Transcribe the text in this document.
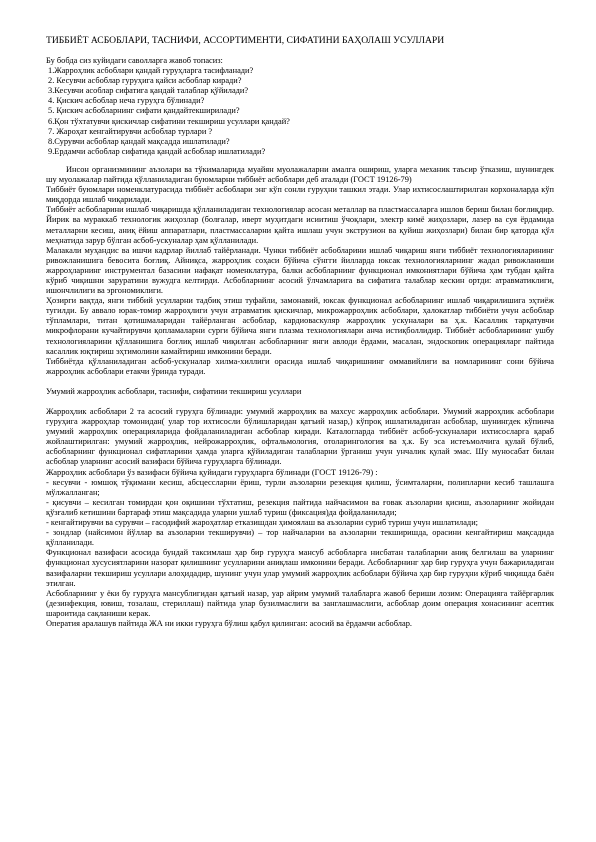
ТИББИЁТ АСБОБЛАРИ, ТАСНИФИ, АССОРТИМЕНТИ, СИФАТИНИ БАҲОЛАШ УСУЛЛАРИ

Бу бобда сиз куйидаги саволларга жавоб топасиз:

1.Жарроҳлик асбоблари қандай гуруҳларга тасифланади?
2. Кесувчи асбоблар гуруҳига қайси асбоблар киради?
3.Кесувчи асоблар сифатига қандай талаблар қўйилади?
4. Қискич асбоблар неча гуруҳга бўлинади?
5. Қискич асбобларнинг сифати қандайтекширилади?
6.Қон тўхтатувчи қискичлар сифатини текшириш усуллари қандай?
7. Жароҳат кенгайтирувчи асбоблар турлари ?
8.Сурувчи асбоблар қандай мақсадда ишлатилади?
9.Ердамчи асбоблар сифатида қандай асбоблар ишлатилади?

Инсон организмининг аъзолари ва тўкималарида муайян муолажаларни амалга ошириш, уларга механик таъсир ўтказиш, шунингдек шу муолажалар пайтида қўлланиладиган буюмларни тиббиёт асбоблари деб аталади (ГОСТ 19126-79)

Тиббиёт буюмлари номенклатурасида тиббиёт асбоблари энг кўп сонли гуруҳни ташкил этади. Улар ихтисослаштирилган корхоналарда кўп миқдорда ишлаб чиқарилади.

Тиббиёт асбобларини ишлаб чиқаришда қўлланиладиган технологиялар асосан металлар ва пластмассаларга ишлов бериш билан боғлиқдир. Йирик ва мураккаб технологик жиҳозлар (болғалар, иверт муҳитдаги исиитиш ўчоқлари, электр кимё жиҳозлари, лазер ва суя ёрдамида металларни кесиш, аниқ ёйиш аппаратлари, пластмассаларни қайта ишлаш учун экструзион ва қуйиш жиҳозлари) билан бир қаторда қўл меҳнатида зарур бўлган асбоб-ускуналар ҳам қўлланилади.

Малакали муҳандис ва ишчи кадрлар йиллаб тайёрланади. Чунки тиббиёт асбобларини ишлаб чиқариш янги тиббиёт технологияларининг ривожланишига бевосита боғлиқ. Айниқса, жарроҳлик соҳаси бўйича сўнгги йилларда юксак технологияларнинг жадал ривожланиши жарроҳларнинг инструментал базасини нафақат номенклатура, балки асбобларнинг функционал имкониятлари бўйича ҳам тубдан қайта кўриб чиқишни заруратини вужудга келтирди. Асбобларнинг асосий ўлчамларига ва сифатига талаблар кескин ортди: атравматиклиги, ишончлилиги ва эргономиклиги.

Ҳозирги вақтда, янги тиббий усулларни тадбиқ этиш туфайли, замонавий, юксак функционал асбобларнинг ишлаб чиқарилишига эҳтиёж тугилди. Бу аввало юрак-томир жарроҳлиги учун атравматик қискичлар, микрожарроҳлик асбоблари, ҳалокатлар тиббиёти учун асбоблар тўпламлари, титан қотишмаларидан тайёрланган асбоблар, кардиоваскуляр жарроҳлик ускуналари ва ҳ.к. Касаллик тарқатувчи микрофлорани кучайтирувчи қопламаларни сурги бўйича янги плазма технологиялари анча истиқболлидир. Тиббиёт асбобларининг ушбу технологияларини қўлланишига боғлиқ ишлаб чиқилган асбобларнинг янги авлоди ёрдами, масалан, эндоскопик операцияларг пайтида касаллик юқтириш эҳтимолини камайтириш имконини беради.

Тиббиётда қўлланиладиган асбоб-ускуналар хилма-хиллиги орасида ишлаб чиқаришнинг оммавийлиги ва номларининг сони бўйича жарроҳлик асбоблари етакчи ўринда туради.

Умумий жарроҳлик асбоблари, таснифи, сифатини текшириш усуллари

Жарроҳлик асбоблари 2 та асосий гуруҳга бўлинади: умумий жарроҳлик ва махсус жарроҳлик асбоблари. Умумий жарроҳлик асбоблари гуруҳига жарроҳлар томонидан( улар тор ихтисосли бўлишларидан қатъий назар,) кўпроқ ишлатиладиган асбоблар, шунингдек кўпинча умумий жарроҳлик операцияларида фойдаланиладиган асбоблар киради. Каталогларда тиббиёт асбоб-ускуналари ихтисосларга қараб жойлаштирилган: умумий жарроҳлик, нейрожарроҳлик, офтальмология, отоларингология ва ҳ.к. Бу эса истеъмолчига қулай бўлиб, асбобларнинг функционал сифатларини ҳамда уларга қўйиладиган талабларни ўрганиш учун унчалик қулай эмас. Шу муносабат билан асбоблар уларнинг асосий вазифаси бўйича гуруҳларга бўлинади.

Жарроҳлик асбоблари ўз вазифаси бўйича қуйидаги гуруҳларга бўлинади (ГОСТ 19126-79) :

- кесувчи - юмшоқ тўқимани кесиш, абсцессларни ёриш, турли аъзоларни резекция қилиш, ўсимталарни, полипларни кесиб ташлашга мўлжалланган;

- қисувчи – кесилган томирдан қон оқишини тўхтатиш, резекция пайтида найчасимон ва ғовак аъзоларни қисиш, аъзоларнинг жойидан қўзғалиб кетишини бартараф этиш мақсадида уларни ушлаб туриш (фиксация)да фойдаланилади;

- кенгайтирувчи ва сурувчи – гасодифий жароҳатлар етказишдан ҳимоялаш ва аъзоларни суриб туриш учун ишлатилади;

- зондлар (найсимон йўллар ва аъзоларни текширувчи) – тор найчаларни ва аъзоларни текширишда, орасини кенгайтириш мақсадида қўлланилади.

Функционал вазифаси асосида бундай таксимлаш ҳар бир гуруҳга мансуб асбобларга нисбатан талабларни аниқ белгилаш ва уларнинг функционал хусусиятларини назорат қилишнинг усулларини аниқлаш имконини беради. Асбобларнинг ҳар бир гуруҳга учун бажариладиган вазифаларни текшириш усуллари алоҳидадир, шунинг учун улар умумий жарроҳлик асбоблари бўйича ҳар бир гуруҳни кўриб чиқишда баён этилган.

Асбобларнинг у ёки бу гуруҳга мансублигидан қатъий назар, уар айрим умумий талабларга жавоб бериши лозим: Операцияга тайёргарлик (дезинфекция, ювиш, тозалаш, стериллаш) пайтида улар бузилмаслиги ва занглашмаслиги, асбоблар доим операция хонасининг асептик шароитида сақланиши керак.

Оператия аралашув пайтида ЖА ни икки гуруҳга бўлиш қабул қилинган: асосий ва ёрдамчи асбоблар.
